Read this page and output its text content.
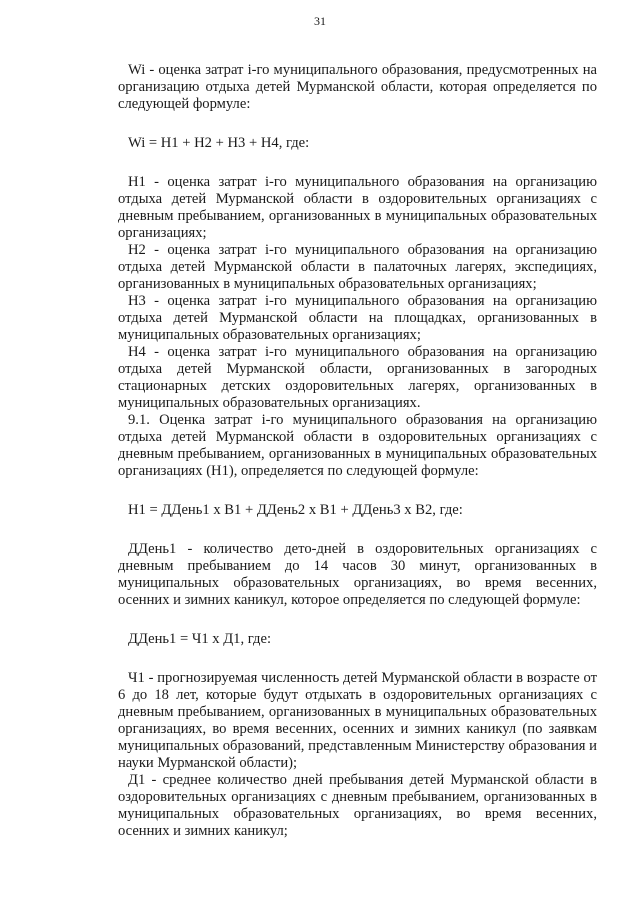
31

Wi - оценка затрат i-го муниципального образования, предусмотренных на организацию отдыха детей Мурманской области, которая определяется по следующей формуле:

Wi = H1 + H2 + H3 + H4, где:

H1 - оценка затрат i-го муниципального образования на организацию отдыха детей Мурманской области в оздоровительных организациях с дневным пребыванием, организованных в муниципальных образовательных организациях;

H2 - оценка затрат i-го муниципального образования на организацию отдыха детей Мурманской области в палаточных лагерях, экспедициях, организованных в муниципальных образовательных организациях;

H3 - оценка затрат i-го муниципального образования на организацию отдыха детей Мурманской области на площадках, организованных в муниципальных образовательных организациях;

H4 - оценка затрат i-го муниципального образования на организацию отдыха детей Мурманской области, организованных в загородных стационарных детских оздоровительных лагерях, организованных в муниципальных образовательных организациях.

9.1. Оценка затрат i-го муниципального образования на организацию отдыха детей Мурманской области в оздоровительных организациях с дневным пребыванием, организованных в муниципальных образовательных организациях (H1), определяется по следующей формуле:

H1 = ДДень1 x B1 + ДДень2 x B1 + ДДень3 x B2, где:

ДДень1 - количество дето-дней в оздоровительных организациях с дневным пребыванием до 14 часов 30 минут, организованных в муниципальных образовательных организациях, во время весенних, осенних и зимних каникул, которое определяется по следующей формуле:

ДДень1 = Ч1 x Д1, где:

Ч1 - прогнозируемая численность детей Мурманской области в возрасте от 6 до 18 лет, которые будут отдыхать в оздоровительных организациях с дневным пребыванием, организованных в муниципальных образовательных организациях, во время весенних, осенних и зимних каникул (по заявкам муниципальных образований, представленным Министерству образования и науки Мурманской области);

Д1 - среднее количество дней пребывания детей Мурманской области в оздоровительных организациях с дневным пребыванием, организованных в муниципальных образовательных организациях, во время весенних, осенних и зимних каникул;
